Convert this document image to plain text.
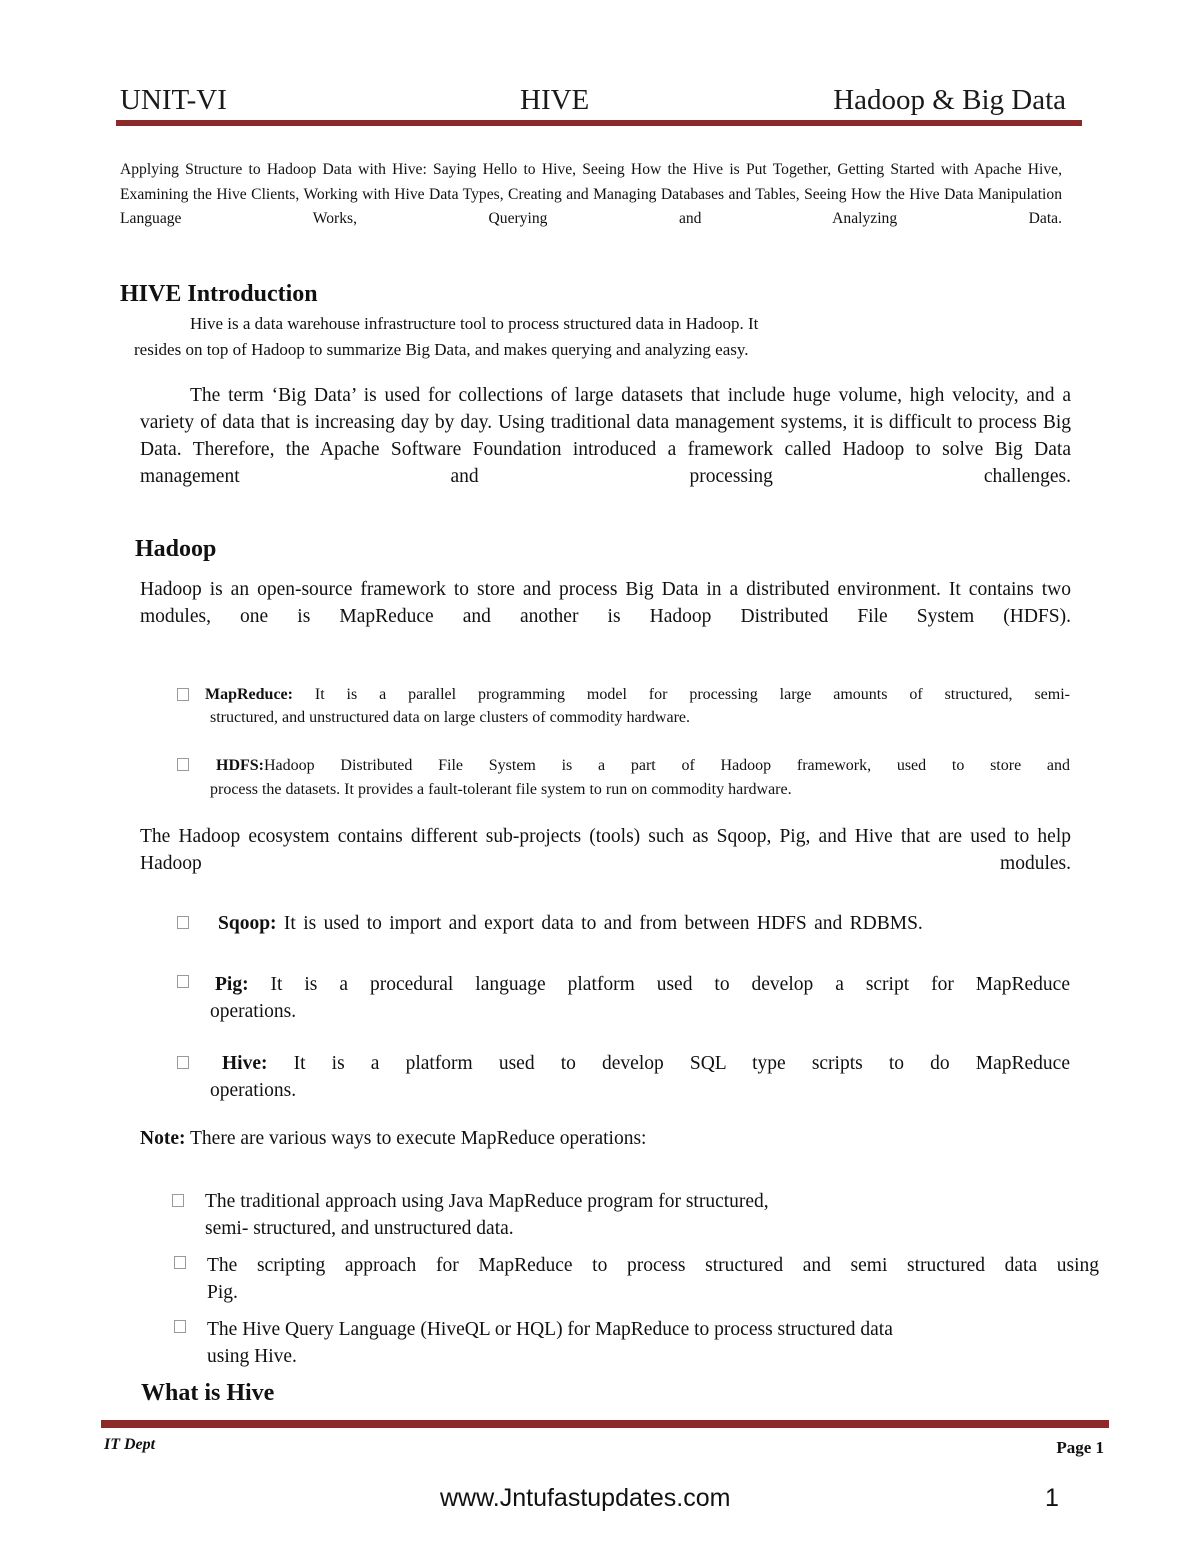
UNIT-VI	HIVE	Hadoop & Big Data
Applying Structure to Hadoop Data with Hive: Saying Hello to Hive, Seeing How the Hive is Put Together, Getting Started with Apache Hive, Examining the Hive Clients, Working with Hive Data Types, Creating and Managing Databases and Tables, Seeing How the Hive Data Manipulation Language Works, Querying and Analyzing Data.
HIVE Introduction
Hive is a data warehouse infrastructure tool to process structured data in Hadoop. It
resides on top of Hadoop to summarize Big Data, and makes querying and analyzing easy.
The term ‘Big Data’ is used for collections of large datasets that include huge volume, high velocity, and a variety of data that is increasing day by day. Using traditional data management systems, it is difficult to process Big Data. Therefore, the Apache Software Foundation introduced a framework called Hadoop to solve Big Data management and processing challenges.
Hadoop
Hadoop is an open-source framework to store and process Big Data in a distributed environment. It contains two modules, one is MapReduce and another is Hadoop Distributed File System (HDFS).
MapReduce: It is a parallel programming model for processing large amounts of structured, semi-
structured, and unstructured data on large clusters of commodity hardware.
HDFS:Hadoop Distributed File System is a part of Hadoop framework, used to store and
process the datasets. It provides a fault-tolerant file system to run on commodity hardware.
The Hadoop ecosystem contains different sub-projects (tools) such as Sqoop, Pig, and Hive that are used to help Hadoop modules.
Sqoop: It is used to import and export data to and from between HDFS and RDBMS.
Pig: It is a procedural language platform used to develop a script for MapReduce
operations.
Hive: It is a platform used to develop SQL type scripts to do MapReduce
operations.
Note: There are various ways to execute MapReduce operations:
The traditional approach using Java MapReduce program for structured,
semi- structured, and unstructured data.
The scripting approach for MapReduce to process structured and semi structured data using
Pig.
The Hive Query Language (HiveQL or HQL) for MapReduce to process structured data
using Hive.
What is Hive
IT Dept	Page 1
www.Jntufastupdates.com	1
